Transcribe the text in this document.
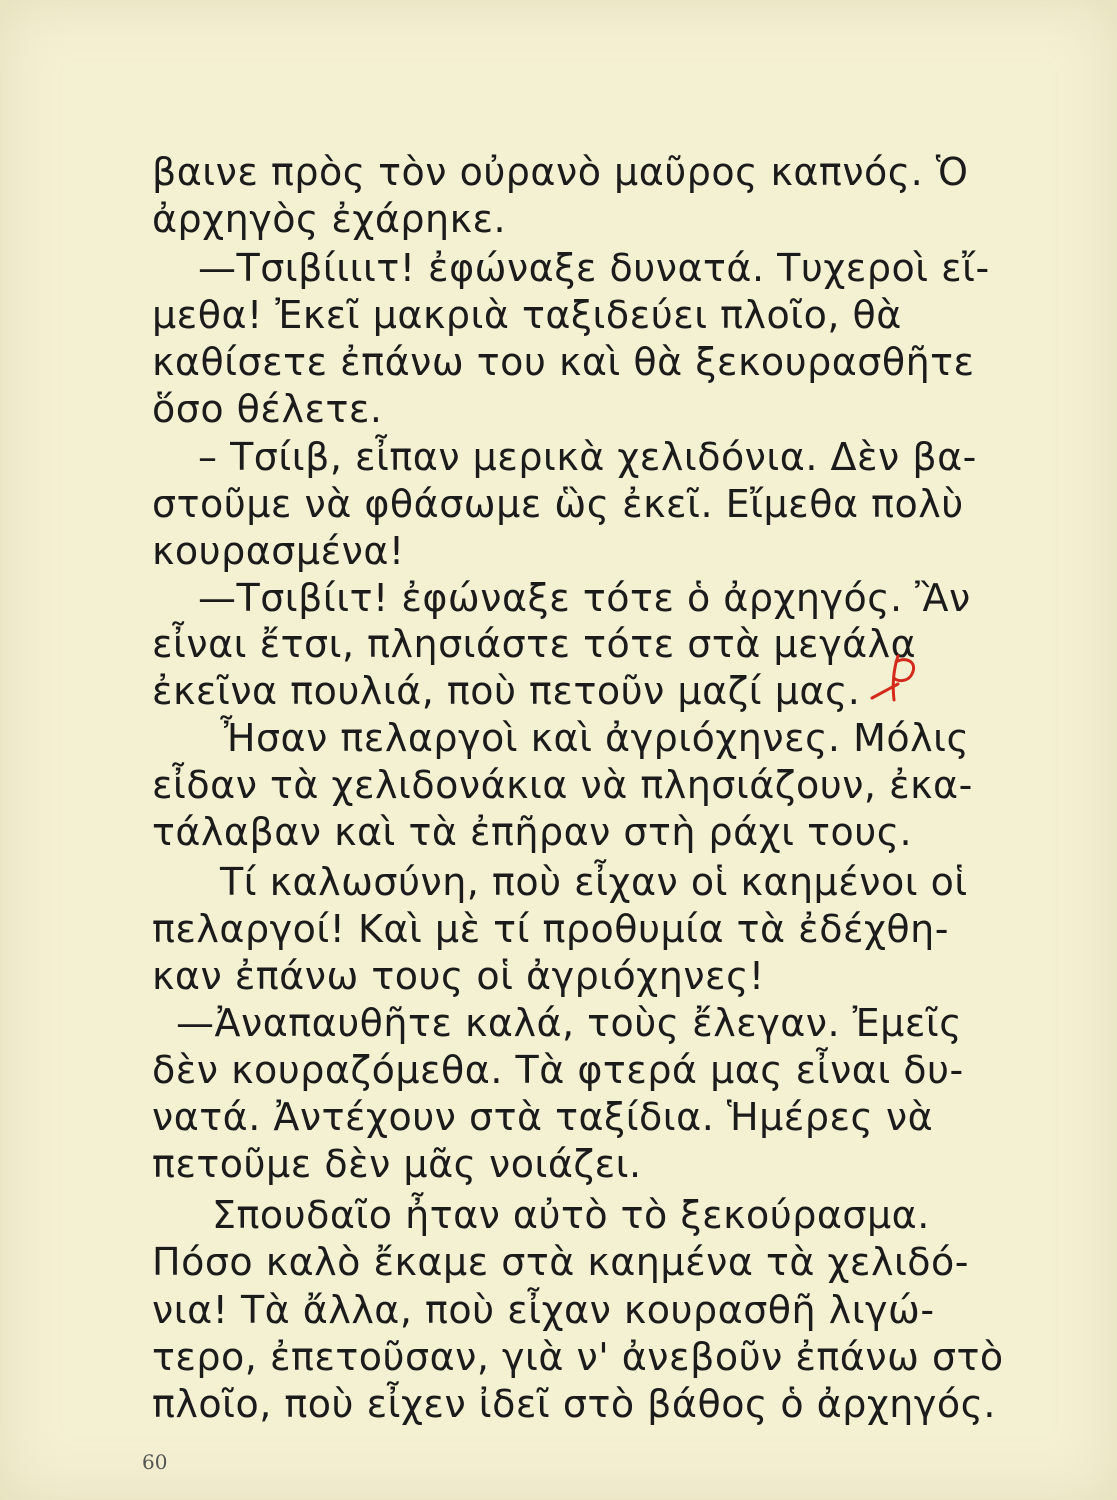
βαινε πρὸς τὸν οὐρανὸ μαῦρος καπνός. Ὁ
ἀρχηγὸς ἐχάρηκε.
—Τσιβίιιιτ! ἐφώναξε δυνατά. Τυχεροὶ εἴ-
μεθα! Ἐκεῖ μακριὰ ταξιδεύει πλοῖο, θὰ
καθίσετε ἐπάνω του καὶ θὰ ξεκουρασθῆτε
ὅσο θέλετε.
– Τσίιβ, εἶπαν μερικὰ χελιδόνια. Δὲν βα-
στοῦμε νὰ φθάσωμε ὣς ἐκεῖ. Εἴμεθα πολὺ
κουρασμένα!
—Τσιβίιτ! ἐφώναξε τότε ὁ ἀρχηγός. Ἂν
εἶναι ἔτσι, πλησιάστε τότε στὰ μεγάλα
ἐκεῖνα πουλιά, ποὺ πετοῦν μαζί μας.
Ἦσαν πελαργοὶ καὶ ἀγριόχηνες. Μόλις
εἶδαν τὰ χελιδονάκια νὰ πλησιάζουν, ἐκα-
τάλαβαν καὶ τὰ ἐπῆραν στὴ ράχι τους.
Τί καλωσύνη, ποὺ εἶχαν οἱ καημένοι οἱ
πελαργοί! Καὶ μὲ τί προθυμία τὰ ἐδέχθη-
καν ἐπάνω τους οἱ ἀγριόχηνες!
—Ἀναπαυθῆτε καλά, τοὺς ἔλεγαν. Ἐμεῖς
δὲν κουραζόμεθα. Τὰ φτερά μας εἶναι δυ-
νατά. Ἀντέχουν στὰ ταξίδια. Ἡμέρες νὰ
πετοῦμε δὲν μᾶς νοιάζει.
Σπουδαῖο ἦταν αὐτὸ τὸ ξεκούρασμα.
Πόσο καλὸ ἔκαμε στὰ καημένα τὰ χελιδό-
νια! Τὰ ἄλλα, ποὺ εἶχαν κουρασθῆ λιγώ-
τερο, ἐπετοῦσαν, γιὰ ν' ἀνεβοῦν ἐπάνω στὸ
πλοῖο, ποὺ εἶχεν ἰδεῖ στὸ βάθος ὁ ἀρχηγός.
60
